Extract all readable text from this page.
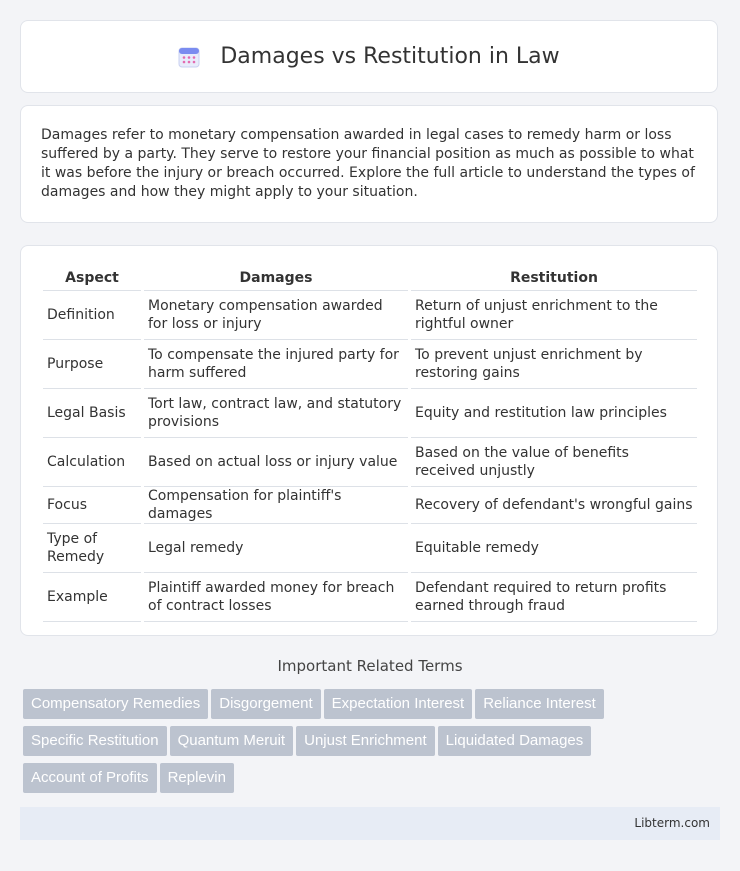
Damages vs Restitution in Law

Damages refer to monetary compensation awarded in legal cases to remedy harm or loss suffered by a party. They serve to restore your financial position as much as possible to what it was before the injury or breach occurred. Explore the full article to understand the types of damages and how they might apply to your situation.

Aspect	Damages	Restitution
Definition	Monetary compensation awarded for loss or injury	Return of unjust enrichment to the rightful owner
Purpose	To compensate the injured party for harm suffered	To prevent unjust enrichment by restoring gains
Legal Basis	Tort law, contract law, and statutory provisions	Equity and restitution law principles
Calculation	Based on actual loss or injury value	Based on the value of benefits received unjustly
Focus	Compensation for plaintiff's damages	Recovery of defendant's wrongful gains
Type of Remedy	Legal remedy	Equitable remedy
Example	Plaintiff awarded money for breach of contract losses	Defendant required to return profits earned through fraud
Important Related Terms
Compensatory Remedies Disgorgement Expectation Interest Reliance InterestSpecific Restitution Quantum Meruit Unjust Enrichment Liquidated DamagesAccount of Profits Replevin
Libterm.com
